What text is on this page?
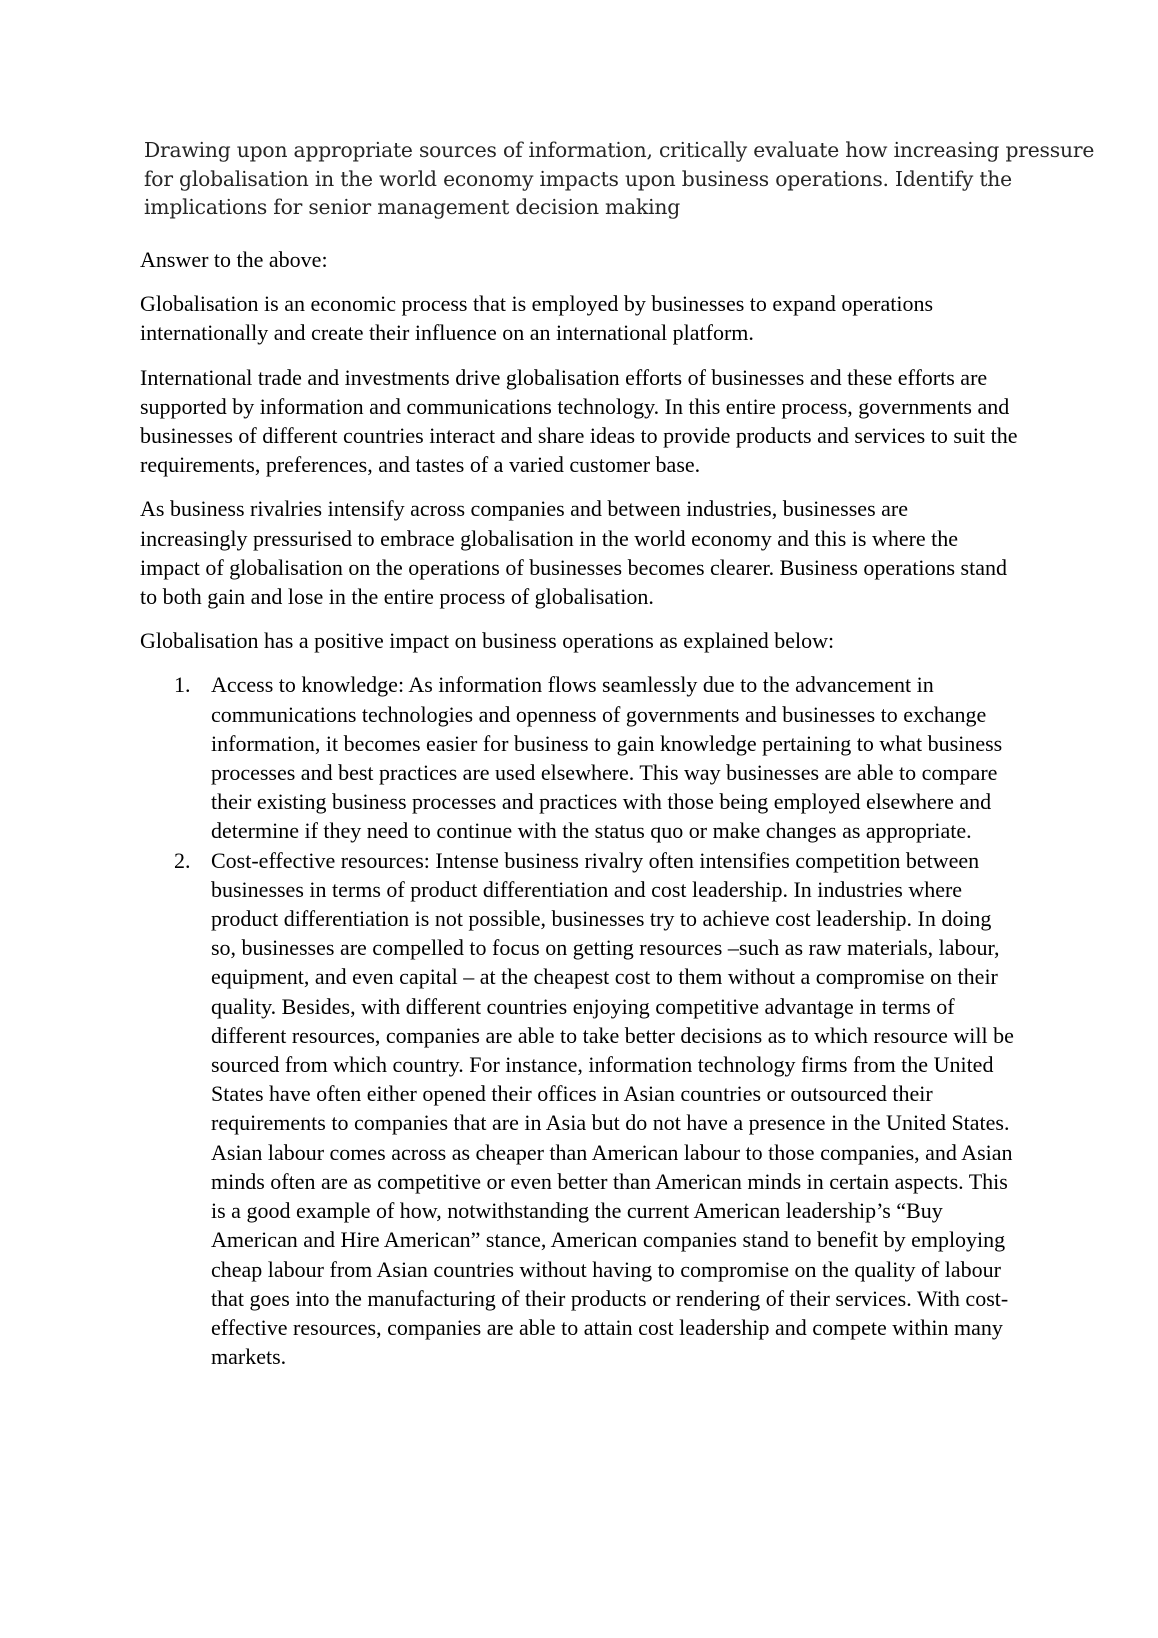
Drawing upon appropriate sources of information, critically evaluate how increasing pressure
for globalisation in the world economy impacts upon business operations. Identify the
implications for senior management decision making

Answer to the above:

Globalisation is an economic process that is employed by businesses to expand operations internationally and create their influence on an international platform.

International trade and investments drive globalisation efforts of businesses and these efforts are supported by information and communications technology. In this entire process, governments and businesses of different countries interact and share ideas to provide products and services to suit the requirements, preferences, and tastes of a varied customer base.

As business rivalries intensify across companies and between industries, businesses are increasingly pressurised to embrace globalisation in the world economy and this is where the impact of globalisation on the operations of businesses becomes clearer. Business operations stand to both gain and lose in the entire process of globalisation.

Globalisation has a positive impact on business operations as explained below:

1. Access to knowledge: As information flows seamlessly due to the advancement in communications technologies and openness of governments and businesses to exchange information, it becomes easier for business to gain knowledge pertaining to what business processes and best practices are used elsewhere. This way businesses are able to compare their existing business processes and practices with those being employed elsewhere and determine if they need to continue with the status quo or make changes as appropriate.
2. Cost-effective resources: Intense business rivalry often intensifies competition between businesses in terms of product differentiation and cost leadership. In industries where product differentiation is not possible, businesses try to achieve cost leadership. In doing so, businesses are compelled to focus on getting resources –such as raw materials, labour, equipment, and even capital – at the cheapest cost to them without a compromise on their quality. Besides, with different countries enjoying competitive advantage in terms of different resources, companies are able to take better decisions as to which resource will be sourced from which country. For instance, information technology firms from the United States have often either opened their offices in Asian countries or outsourced their requirements to companies that are in Asia but do not have a presence in the United States. Asian labour comes across as cheaper than American labour to those companies, and Asian minds often are as competitive or even better than American minds in certain aspects. This is a good example of how, notwithstanding the current American leadership’s “Buy American and Hire American” stance, American companies stand to benefit by employing cheap labour from Asian countries without having to compromise on the quality of labour that goes into the manufacturing of their products or rendering of their services. With cost-effective resources, companies are able to attain cost leadership and compete within many markets.
